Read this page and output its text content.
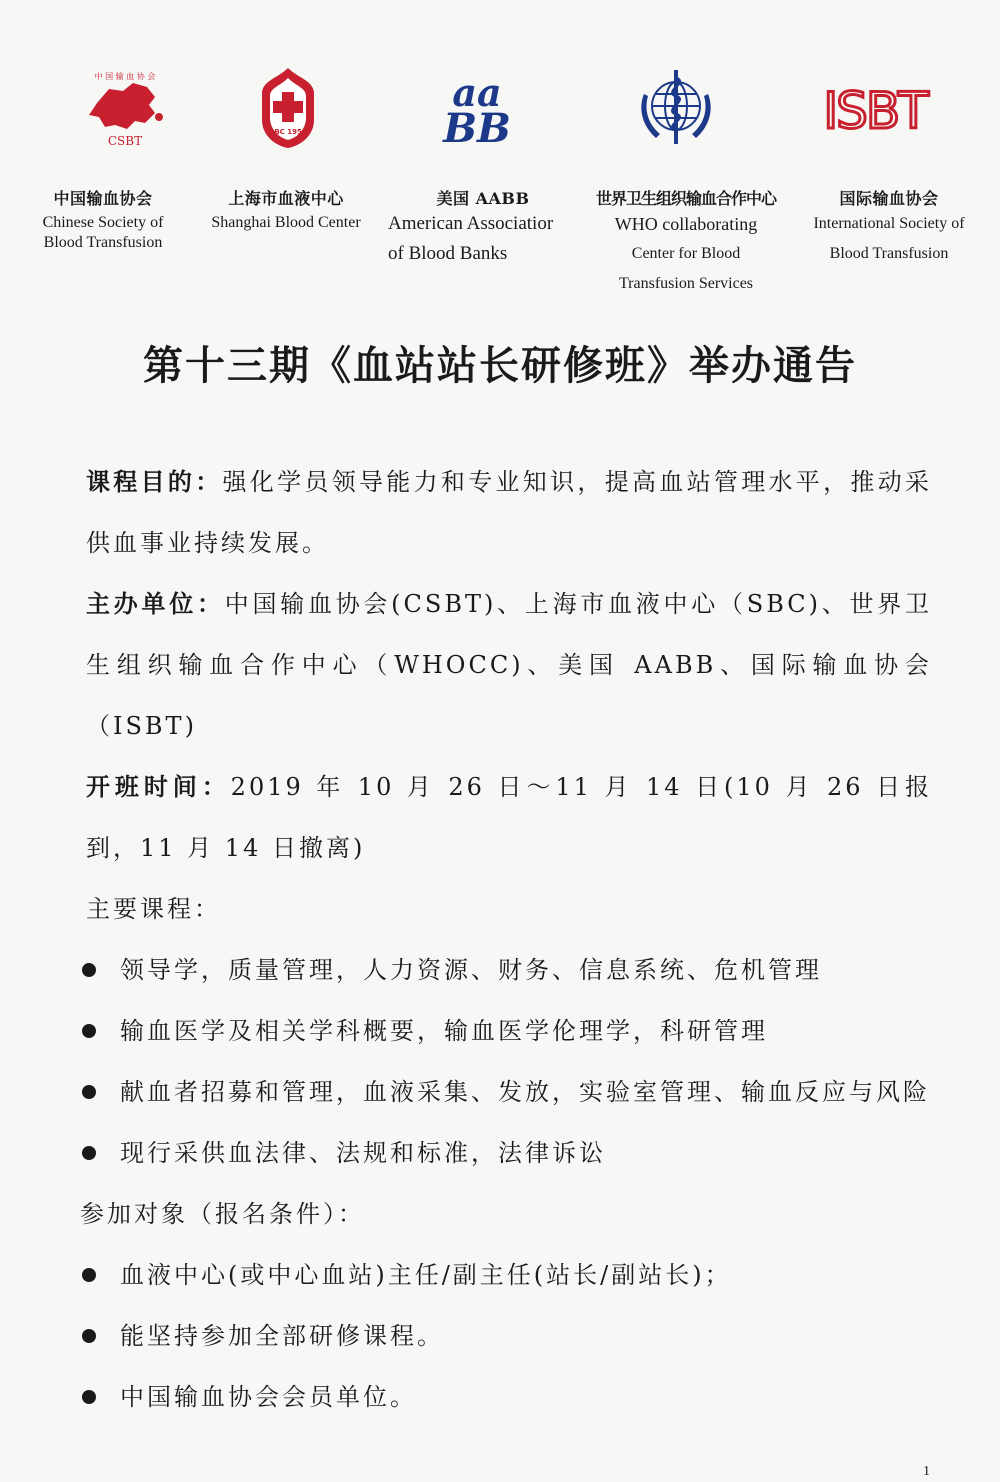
中 国 输 血 协 会
CSBT
中国输血协会
Chinese Society of
Blood Transfusion
SBC 1951
上海市血液中心
Shanghai Blood Center
aa
BB
美国 AABB
American Associatior
of Blood Banks
世界卫生组织输血合作中心
WHO collaborating
Center for Blood
Transfusion Services
ISBT
国际输血协会
International Society of
Blood Transfusion
第十三期《血站站长研修班》举办通告

课程目的：强化学员领导能力和专业知识，提高血站管理水平，推动采供血事业持续发展。

主办单位：中国输血协会(CSBT)、上海市血液中心（SBC)、世界卫生组织输血合作中心（WHOCC)、美国 AABB、国际输血协会（ISBT)

开班时间：2019 年 10 月 26 日～11 月 14 日(10 月 26 日报到，11 月 14 日撤离)

主要课程：

领导学，质量管理，人力资源、财务、信息系统、危机管理
输血医学及相关学科概要，输血医学伦理学，科研管理
献血者招募和管理，血液采集、发放，实验室管理、输血反应与风险
现行采供血法律、法规和标准，法律诉讼

参加对象（报名条件）：

血液中心(或中心血站)主任/副主任(站长/副站长)；
能坚持参加全部研修课程。
中国输血协会会员单位。
1
